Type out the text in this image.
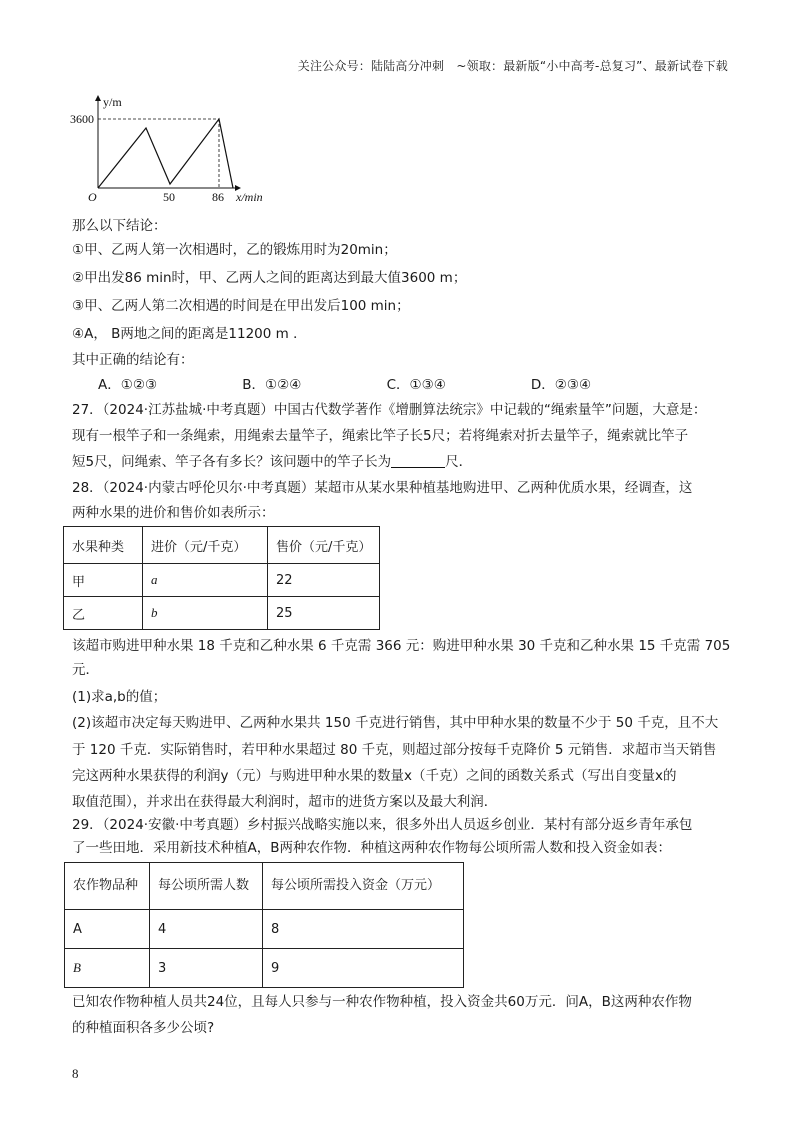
关注公众号：陆陆高分冲刺　~领取：最新版“小中高考-总复习”、最新试卷下载
y/m
3600
O	50	86 x/min
那么以下结论：
①甲、乙两人第一次相遇时，乙的锻炼用时为20min；
②甲出发86 min时，甲、乙两人之间的距离达到最大值3600 m；
③甲、乙两人第二次相遇的时间是在甲出发后100 min；
④A， B两地之间的距离是11200 m ．
其中正确的结论有：
A．①②③	B．①②④	C．①③④	D．②③④
27．（2024·江苏盐城·中考真题）中国古代数学著作《增删算法统宗》中记载的“绳索量竿”问题，大意是：
现有一根竿子和一条绳索，用绳索去量竿子，绳索比竿子长5尺；若将绳索对折去量竿子，绳索就比竿子
短5尺，问绳索、竿子各有多长？该问题中的竿子长为	尺．
28．（2024·内蒙古呼伦贝尔·中考真题）某超市从某水果种植基地购进甲、乙两种优质水果，经调查，这
两种水果的进价和售价如表所示：
水果种类	进价（元/千克）	售价（元/千克）
甲	a	22
乙	b	25
该超市购进甲种水果 18 千克和乙种水果 6 千克需 366 元：购进甲种水果 30 千克和乙种水果 15 千克需 705
元．
(1)求a,b的值；
(2)该超市决定每天购进甲、乙两种水果共 150 千克进行销售，其中甲种水果的数量不少于 50 千克，且不大
于 120 千克．实际销售时，若甲种水果超过 80 千克，则超过部分按每千克降价 5 元销售．求超市当天销售
完这两种水果获得的利润y（元）与购进甲种水果的数量x（千克）之间的函数关系式（写出自变量x的
取值范围），并求出在获得最大利润时，超市的进货方案以及最大利润．
29．（2024·安徽·中考真题）乡村振兴战略实施以来，很多外出人员返乡创业．某村有部分返乡青年承包
了一些田地．采用新技术种植A，B两种农作物．种植这两种农作物每公顷所需人数和投入资金如表：
农作物品种	每公顷所需人数	每公顷所需投入资金（万元）
A	4	8
B	3	9
已知农作物种植人员共24位，且每人只参与一种农作物种植，投入资金共60万元．问A，B这两种农作物
的种植面积各多少公顷?
8
